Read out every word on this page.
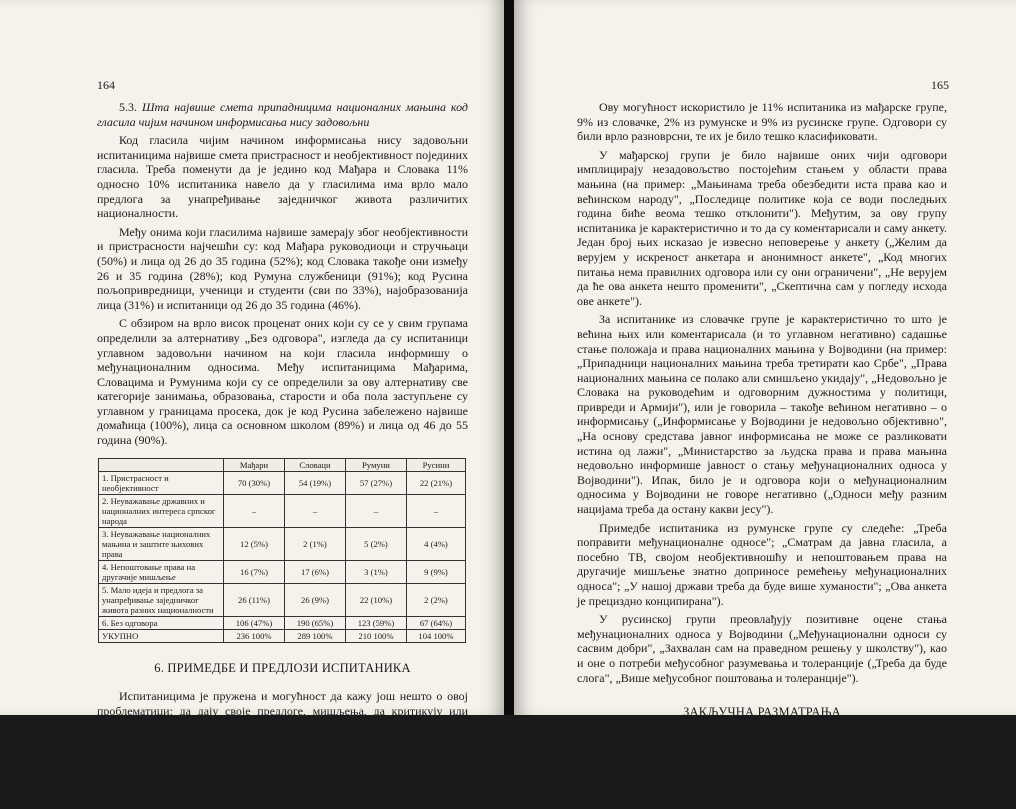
164

5.3. Шта највише смета припадницима националних мањина код гласила чијим начином информисања нису задовољни

Код гласила чијим начином информисања нису задовољни испитаницима највише смета пристрасност и необјективност појединих гласила. Треба поменути да је једино код Мађара и Словака 11% односно 10% испитаника навело да у гласилима има врло мало предлога за унапређивање заједничког живота различитих националности.

Међу онима који гласилима највише замерају због необјективности и пристрасности најчешћи су: код Мађара руководиоци и стручњаци (50%) и лица од 26 до 35 година (52%); код Словака такође они између 26 и 35 година (28%); код Румуна службеници (91%); код Русина пољопривредници, ученици и студенти (сви по 33%), најобразованија лица (31%) и испитаници од 26 до 35 година (46%).

С обзиром на врло висок проценат оних који су се у свим групама определили за алтернативу „Без одговора", изгледа да су испитаници углавном задовољни начином на који гласила информишу о међунационалним односима. Међу испитаницима Мађарима, Словацима и Румунима који су се определили за ову алтернативу све категорије занимања, образовања, старости и оба пола заступљене су углавном у границама просека, док је код Русина забележено највише домаћица (100%), лица са основном школом (89%) и лица од 46 до 55 година (90%).

	Мађари	Словаци	Румуни	Русини
1. Пристрасност и необјективност	70 (30%)	54 (19%)	57 (27%)	22 (21%)
2. Неуважавање државних и националних интереса српског народа	–	–	–	–
3. Неуважавање националних мањина и заштите њихових права	12 (5%)	2 (1%)	5 (2%)	4 (4%)
4. Непоштовање права на другачије мишљење	16 (7%)	17 (6%)	3 (1%)	9 (9%)
5. Мало идеја и предлога за унапређивање заједничког живота разних националности	26 (11%)	26 (9%)	22 (10%)	2 (2%)
6. Без одговора	106 (47%)	190 (65%)	123 (59%)	67 (64%)
УКУПНО	236 100%	289 100%	210 100%	104 100%
6. ПРИМЕДБЕ И ПРЕДЛОЗИ ИСПИТАНИКА

Испитаницима је пружена и могућност да кажу још нешто о овој проблематици: да дају своје предлоге, мишљења, да критикују или похвале.

165

Ову могућност искористило је 11% испитаника из мађарске групе, 9% из словачке, 2% из румунске и 9% из русинске групе. Одговори су били врло разноврсни, те их је било тешко класификовати.

У мађарској групи је било највише оних чији одговори имплицирају незадовољство постојећим стањем у области права мањина (на пример: „Мањинама треба обезбедити иста права као и већинском народу", „Последице политике која се води последњих година биће веома тешко отклонити"). Међутим, за ову групу испитаника је карактеристично и то да су коментарисали и саму анкету. Један број њих исказао је извесно неповерење у анкету („Желим да верујем у искреност анкетара и анонимност анкете", „Код многих питања нема правилних одговора или су они ограничени", „Не верујем да ће ова анкета нешто променити", „Скептична сам у погледу исхода ове анкете").

За испитанике из словачке групе је карактеристично то што је већина њих или коментарисала (и то углавном негативно) садашње стање положаја и права националних мањина у Војводини (на пример: „Припадници националних мањина треба третирати као Србе", „Права националних мањина се полако али смишљено укидају", „Недовољно је Словака на руководећим и одговорним дужностима у политици, привреди и Армији"), или је говорила – такође већином негативно – о информисању („Информисање у Војводини је недовољно објективно", „На основу средстава јавног информисања не може се разликовати истина од лажи", „Министарство за људска права и права мањина недовољно информише јавност о стању међунационалних односа у Војводини"). Ипак, било је и одговора који о међунационалним односима у Војводини не говоре негативно („Односи међу разним нацијама треба да остану какви јесу").

Примедбе испитаника из румунске групе су следеће: „Треба поправити међунационалне односе"; „Сматрам да јавна гласила, а посебно ТВ, својом необјективношћу и непоштовањем права на другачије мишљење знатно доприносе ремећењу међунационалних односа"; „У нашој држави треба да буде више хуманости"; „Ова анкета је прециздно конципирана").

У русинској групи преовлађују позитивне оцене стања међунационалних односа у Војводини („Међунационални односи су сасвим добри", „Захвалан сам на праведном решењу у школству"), као и оне о потреби међусобног разумевања и толеранције („Треба да буде слога", „Више међусобног поштовања и толеранције").

ЗАКЉУЧНА РАЗМАТРАЊА

Истраживање Припадници националних мањина о свом положају и етничким односима у Војводини прво је истраживање јавног мњења ко над којим су обухваћени смао испитаници из четири најбројније националне мањине у Војводини: Мађари, Словаци, Румуни и Русини. Поред тога, то је
